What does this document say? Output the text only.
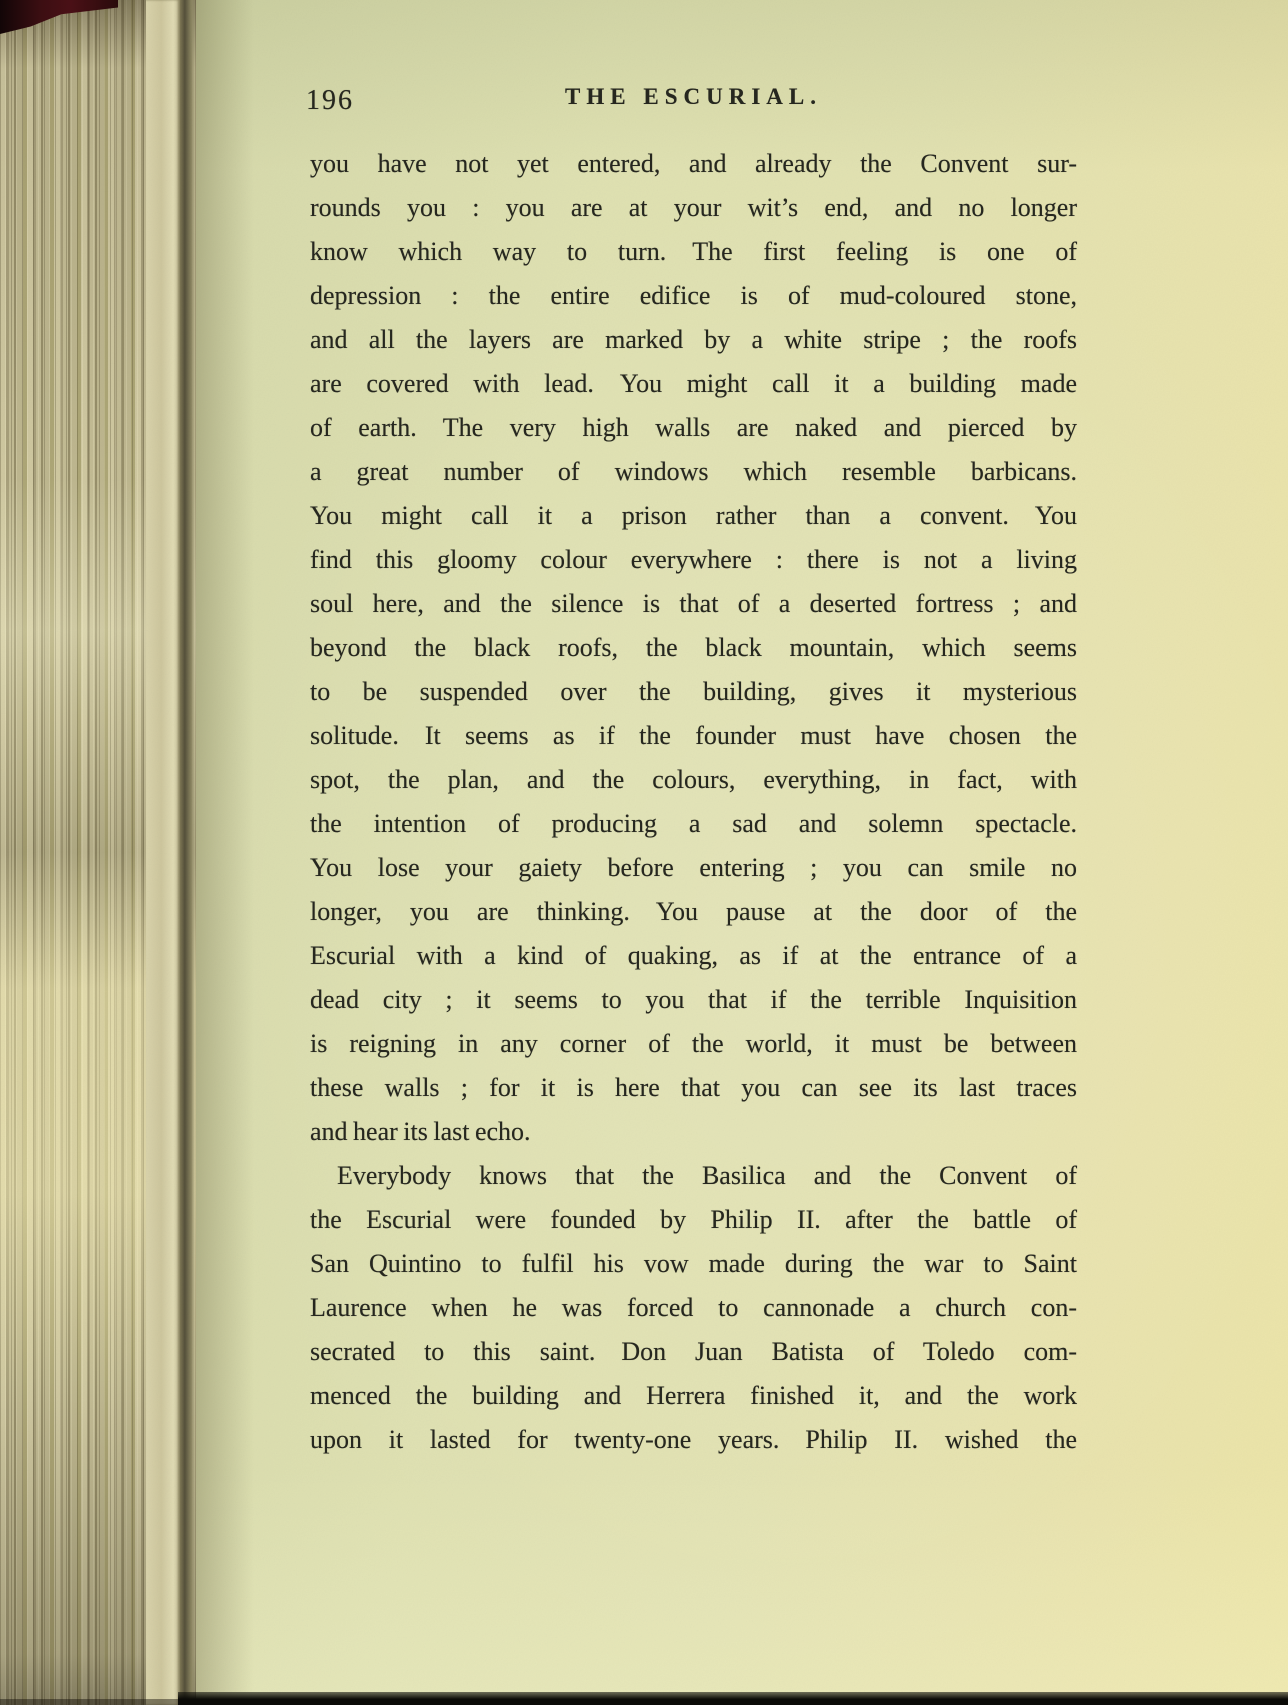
196	THE ESCURIAL.
you have not yet entered, and already the Convent sur-
rounds you : you are at your wit’s end, and no longer
know which way to turn. The first feeling is one of
depression : the entire edifice is of mud-coloured stone,
and all the layers are marked by a white stripe ; the roofs
are covered with lead. You might call it a building made
of earth. The very high walls are naked and pierced by
a great number of windows which resemble barbicans.
You might call it a prison rather than a convent. You
find this gloomy colour everywhere : there is not a living
soul here, and the silence is that of a deserted fortress ; and
beyond the black roofs, the black mountain, which seems
to be suspended over the building, gives it mysterious
solitude. It seems as if the founder must have chosen the
spot, the plan, and the colours, everything, in fact, with
the intention of producing a sad and solemn spectacle.
You lose your gaiety before entering ; you can smile no
longer, you are thinking. You pause at the door of the
Escurial with a kind of quaking, as if at the entrance of a
dead city ; it seems to you that if the terrible Inquisition
is reigning in any corner of the world, it must be between
these walls ; for it is here that you can see its last traces
and hear its last echo.
Everybody knows that the Basilica and the Convent of
the Escurial were founded by Philip II. after the battle of
San Quintino to fulfil his vow made during the war to Saint
Laurence when he was forced to cannonade a church con-
secrated to this saint. Don Juan Batista of Toledo com-
menced the building and Herrera finished it, and the work
upon it lasted for twenty-one years. Philip II. wished the
